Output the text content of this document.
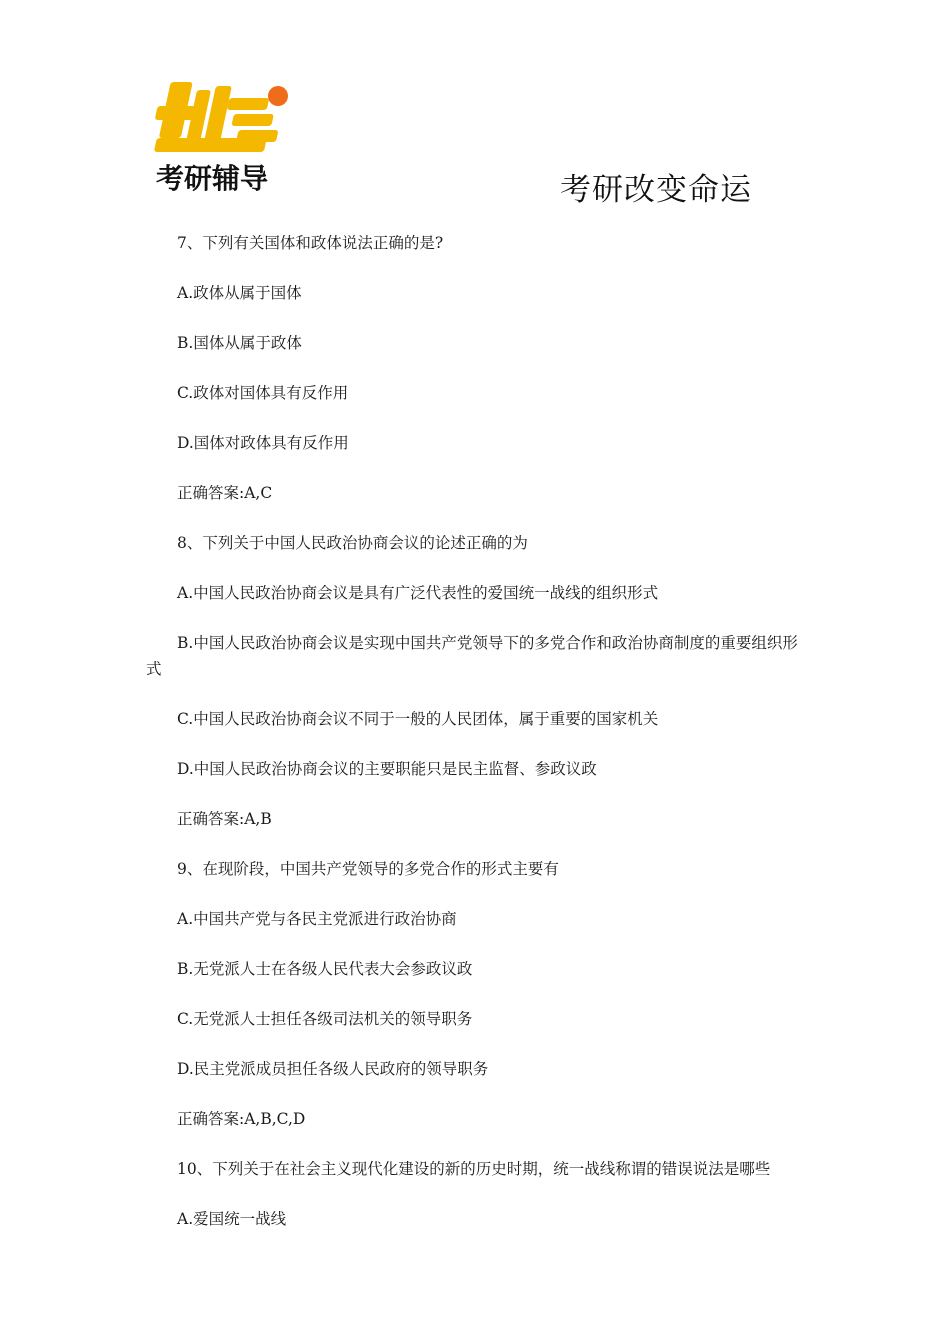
考研辅导	考研改变命运

7、下列有关国体和政体说法正确的是?

A.政体从属于国体

B.国体从属于政体

C.政体对国体具有反作用

D.国体对政体具有反作用

正确答案:A,C

8、下列关于中国人民政治协商会议的论述正确的为

A.中国人民政治协商会议是具有广泛代表性的爱国统一战线的组织形式

B.中国人民政治协商会议是实现中国共产党领导下的多党合作和政治协商制度的重要组织形式

C.中国人民政治协商会议不同于一般的人民团体，属于重要的国家机关

D.中国人民政治协商会议的主要职能只是民主监督、参政议政

正确答案:A,B

9、在现阶段，中国共产党领导的多党合作的形式主要有

A.中国共产党与各民主党派进行政治协商

B.无党派人士在各级人民代表大会参政议政

C.无党派人士担任各级司法机关的领导职务

D.民主党派成员担任各级人民政府的领导职务

正确答案:A,B,C,D

10、下列关于在社会主义现代化建设的新的历史时期，统一战线称谓的错误说法是哪些

A.爱国统一战线
